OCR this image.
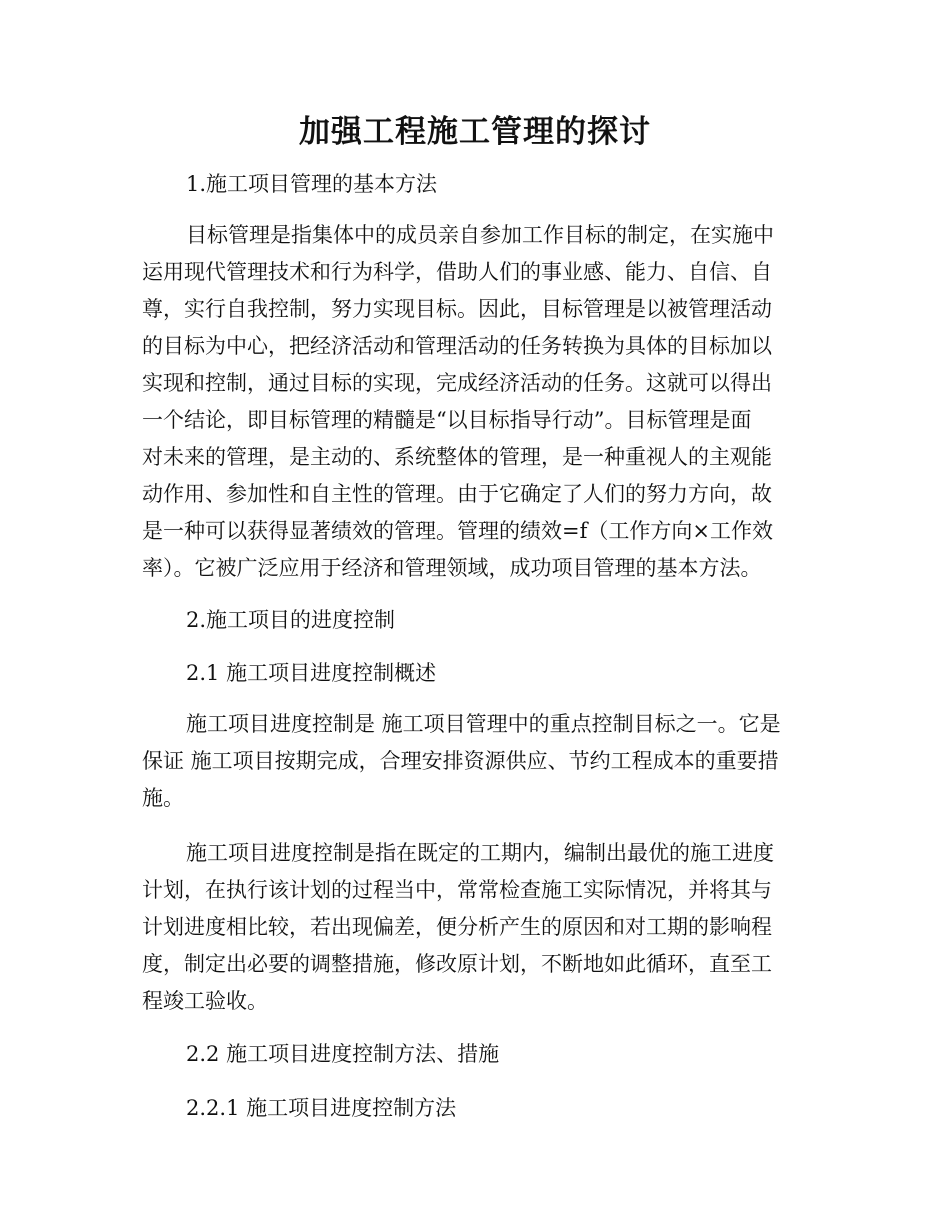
加强工程施工管理的探讨
1.施工项目管理的基本方法
目标管理是指集体中的成员亲自参加工作目标的制定，在实施中
运用现代管理技术和行为科学，借助人们的事业感、能力、自信、自
尊，实行自我控制，努力实现目标。因此，目标管理是以被管理活动
的目标为中心，把经济活动和管理活动的任务转换为具体的目标加以
实现和控制，通过目标的实现，完成经济活动的任务。这就可以得出
一个结论，即目标管理的精髓是“以目标指导行动”。目标管理是面
对未来的管理，是主动的、系统整体的管理，是一种重视人的主观能
动作用、参加性和自主性的管理。由于它确定了人们的努力方向，故
是一种可以获得显著绩效的管理。管理的绩效=f（工作方向×工作效
率）。它被广泛应用于经济和管理领域，成功项目管理的基本方法。
2.施工项目的进度控制
2.1 施工项目进度控制概述
施工项目进度控制是 施工项目管理中的重点控制目标之一。它是
保证 施工项目按期完成，合理安排资源供应、节约工程成本的重要措
施。
施工项目进度控制是指在既定的工期内，编制出最优的施工进度
计划，在执行该计划的过程当中，常常检查施工实际情况，并将其与
计划进度相比较，若出现偏差，便分析产生的原因和对工期的影响程
度，制定出必要的调整措施，修改原计划，不断地如此循环，直至工
程竣工验收。
2.2 施工项目进度控制方法、措施
2.2.1 施工项目进度控制方法
